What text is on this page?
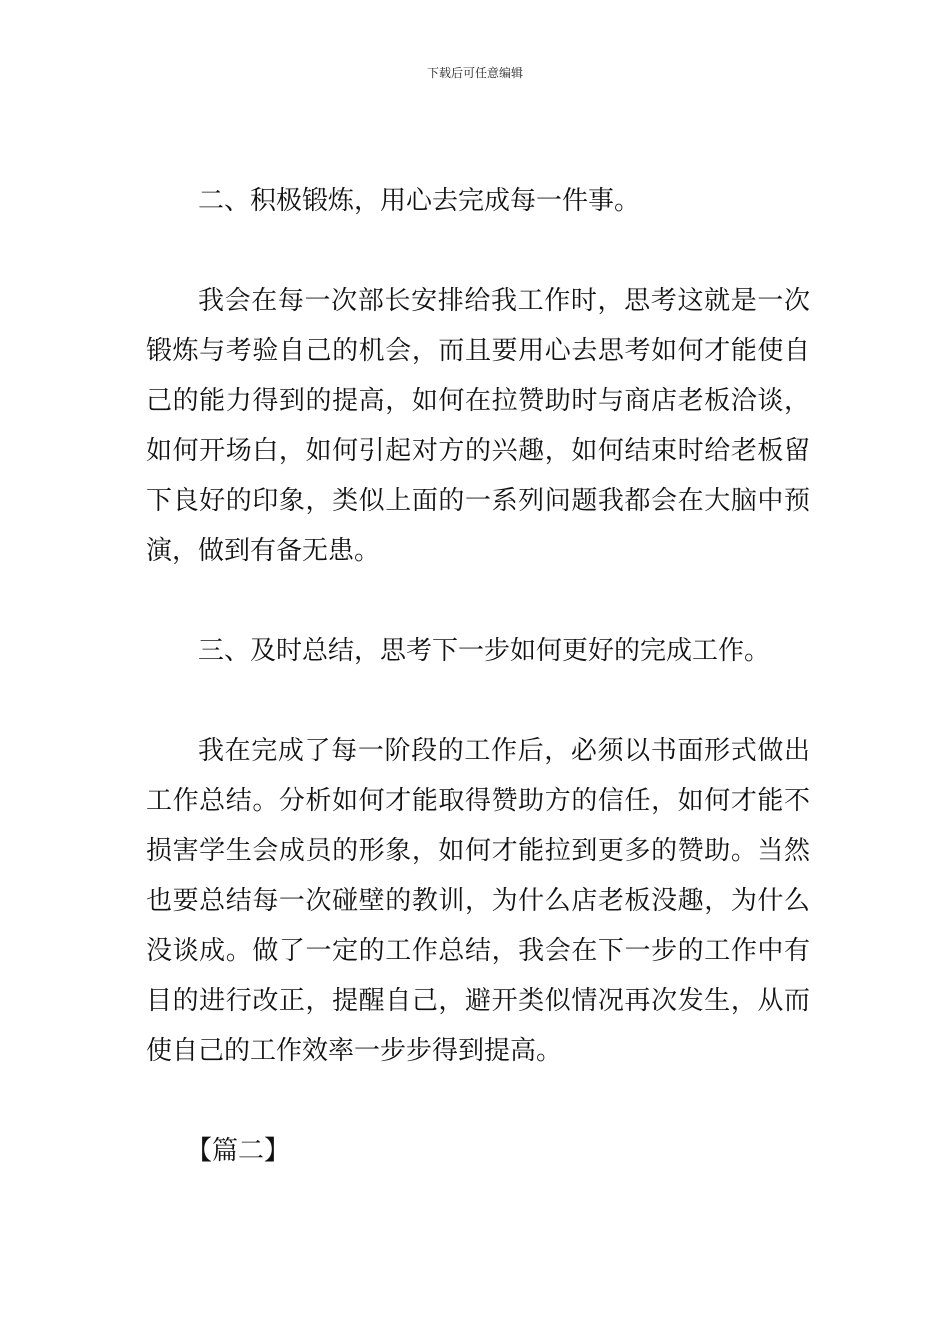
下载后可任意编辑

二、积极锻炼，用心去完成每一件事。

我会在每一次部长安排给我工作时，思考这就是一次锻炼与考验自己的机会，而且要用心去思考如何才能使自己的能力得到的提高，如何在拉赞助时与商店老板洽谈，如何开场白，如何引起对方的兴趣，如何结束时给老板留下良好的印象，类似上面的一系列问题我都会在大脑中预演，做到有备无患。

三、及时总结，思考下一步如何更好的完成工作。

我在完成了每一阶段的工作后，必须以书面形式做出工作总结。分析如何才能取得赞助方的信任，如何才能不损害学生会成员的形象，如何才能拉到更多的赞助。当然也要总结每一次碰壁的教训，为什么店老板没趣，为什么没谈成。做了一定的工作总结，我会在下一步的工作中有目的进行改正，提醒自己，避开类似情况再次发生，从而使自己的工作效率一步步得到提高。

【篇二】
